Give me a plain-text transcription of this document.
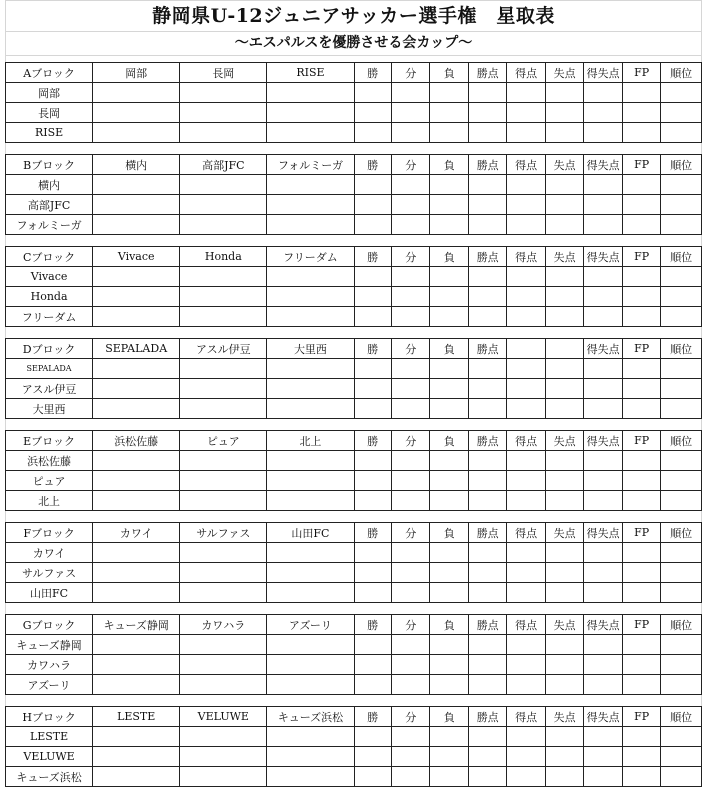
静岡県U-12ジュニアサッカー選手権　星取表
〜エスパルスを優勝させる会カップ〜
Aブロック	岡部	長岡	RISE	勝	分	負	勝点	得点	失点	得失点	FP	順位
岡部												
長岡												
RISE												
Bブロック	横内	高部JFC	フォルミーガ	勝	分	負	勝点	得点	失点	得失点	FP	順位
横内												
高部JFC												
フォルミーガ												
Cブロック	Vivace	Honda	フリーダム	勝	分	負	勝点	得点	失点	得失点	FP	順位
Vivace												
Honda												
フリーダム												
Dブロック	SEPALADA	アスル伊豆	大里西	勝	分	負	勝点			得失点	FP	順位
SEPALADA												
アスル伊豆												
大里西												
Eブロック	浜松佐藤	ピュア	北上	勝	分	負	勝点	得点	失点	得失点	FP	順位
浜松佐藤												
ピュア												
北上												
Fブロック	カワイ	サルファス	山田FC	勝	分	負	勝点	得点	失点	得失点	FP	順位
カワイ												
サルファス												
山田FC												
Gブロック	キューズ静岡	カワハラ	アズーリ	勝	分	負	勝点	得点	失点	得失点	FP	順位
キューズ静岡												
カワハラ												
アズーリ												
Hブロック	LESTE	VELUWE	キューズ浜松	勝	分	負	勝点	得点	失点	得失点	FP	順位
LESTE												
VELUWE												
キューズ浜松												
